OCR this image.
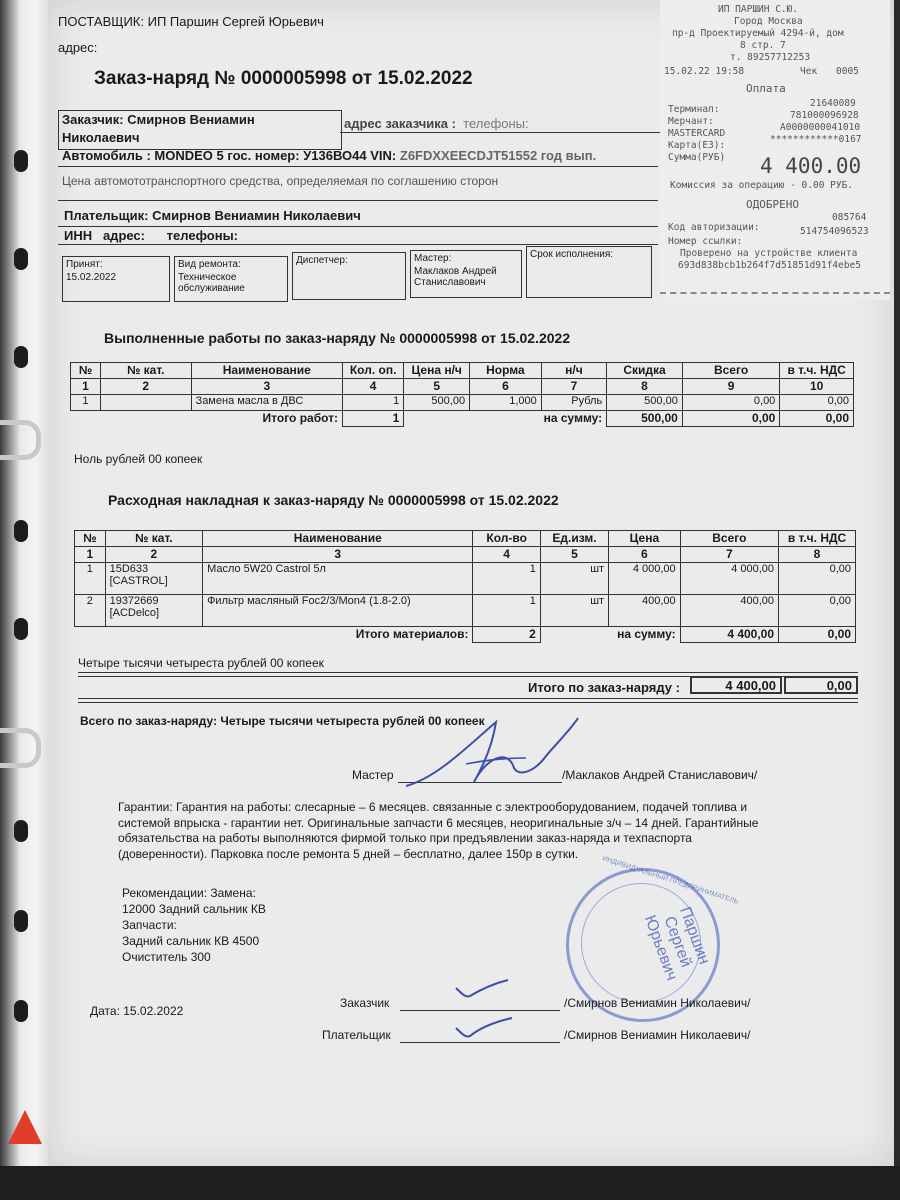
ПОСТАВЩИК: ИП Паршин Сергей Юрьевич
адрес:
Заказ-наряд № 0000005998 от 15.02.2022
ИП ПАРШИН С.Ю.
Город Москва
пр-д Проектируемый 4294-й, дом
8 стр. 7
т. 89257712253
15.02.22 19:58	Чек 0005
Оплата
Терминал:
21640089
Мерчант:
781000096928
MASTERCARD
A0000000041010
Карта(E3):
************0167
Сумма(РУБ) 4 400.00
Комиссия за операцию - 0.00 РУБ.
ОДОБРЕНО
Код авторизации:
085764
Номер ссылки:
514754096523
Проверено на устройстве клиента
693d838bcb1b264f7d51851d91f4ebe5
Заказчик: Смирнов Вениамин
Николаевич
адрес заказчика : телефоны:
Автомобиль : MONDEO 5 гос. номер: У136ВО44 VIN: Z6FDXXEECDJT51552 год вып.
Цена автомототранспортного средства, определяемая по соглашению сторон
Плательщик: Смирнов Вениамин Николаевич
ИНН   адрес:      телефоны:
Принят:
15.02.2022
Вид ремонта:
Техническое обслуживание
Диспетчер:	Мастер:
Маклаков Андрей Станиславович
Срок исполнения:
Выполненные работы по заказ-наряду № 0000005998 от 15.02.2022
№	№ кат.	Наименование	Кол. оп.	Цена н/ч	Норма	н/ч	Скидка	Всего	в т.ч. НДС
1	2	3	4	5	6	7	8	9	10
1		Замена масла в ДВС	1	500,00	1,000	Рубль	500,00	0,00	0,00
Итого работ:			1	на сумму:			500,00	0,00	0,00
Ноль рублей 00 копеек
Расходная накладная к заказ-наряду № 0000005998 от 15.02.2022
№	№ кат.	Наименование	Кол-во	Ед.изм.	Цена	Всего	в т.ч. НДС
1	2	3	4	5	6	7	8
1	15D633 [CASTROL]	Масло 5W20 Castrol 5л	1	шт	4 000,00	4 000,00	0,00
2	19372669 [ACDelco]	Фильтр масляный Foc2/3/Mon4 (1.8-2.0)	1	шт	400,00	400,00	0,00
Итого материалов:			2	на сумму:		4 400,00	0,00
Четыре тысячи четыреста рублей 00 копеек
Итого по заказ-наряду :	4 400,00	0,00
Всего по заказ-наряду: Четыре тысячи четыреста рублей 00 копеек
Мастер	/Маклаков Андрей Станиславович/
Гарантии: Гарантия на работы: слесарные – 6 месяцев. связанные с электрооборудованием, подачей топлива и системой впрыска - гарантии нет. Оригинальные запчасти 6 месяцев, неоригинальные з/ч – 14 дней. Гарантийные обязательства на работы выполняются фирмой только при предъявлении заказ-наряда и техпаспорта (доверенности). Парковка после ремонта 5 дней – бесплатно, далее 150р в сутки.
Рекомендации: Замена:
12000 Задний сальник КВ
Запчасти:
Задний сальник КВ 4500
Очиститель 300	Паршин Сергей Юрьевич
ИНДИВИДУАЛЬНЫЙ ПРЕДПРИНИМАТЕЛЬ
Дата: 15.02.2022
Заказчик	/Смирнов Вениамин Николаевич/
Плательщик	/Смирнов Вениамин Николаевич/
